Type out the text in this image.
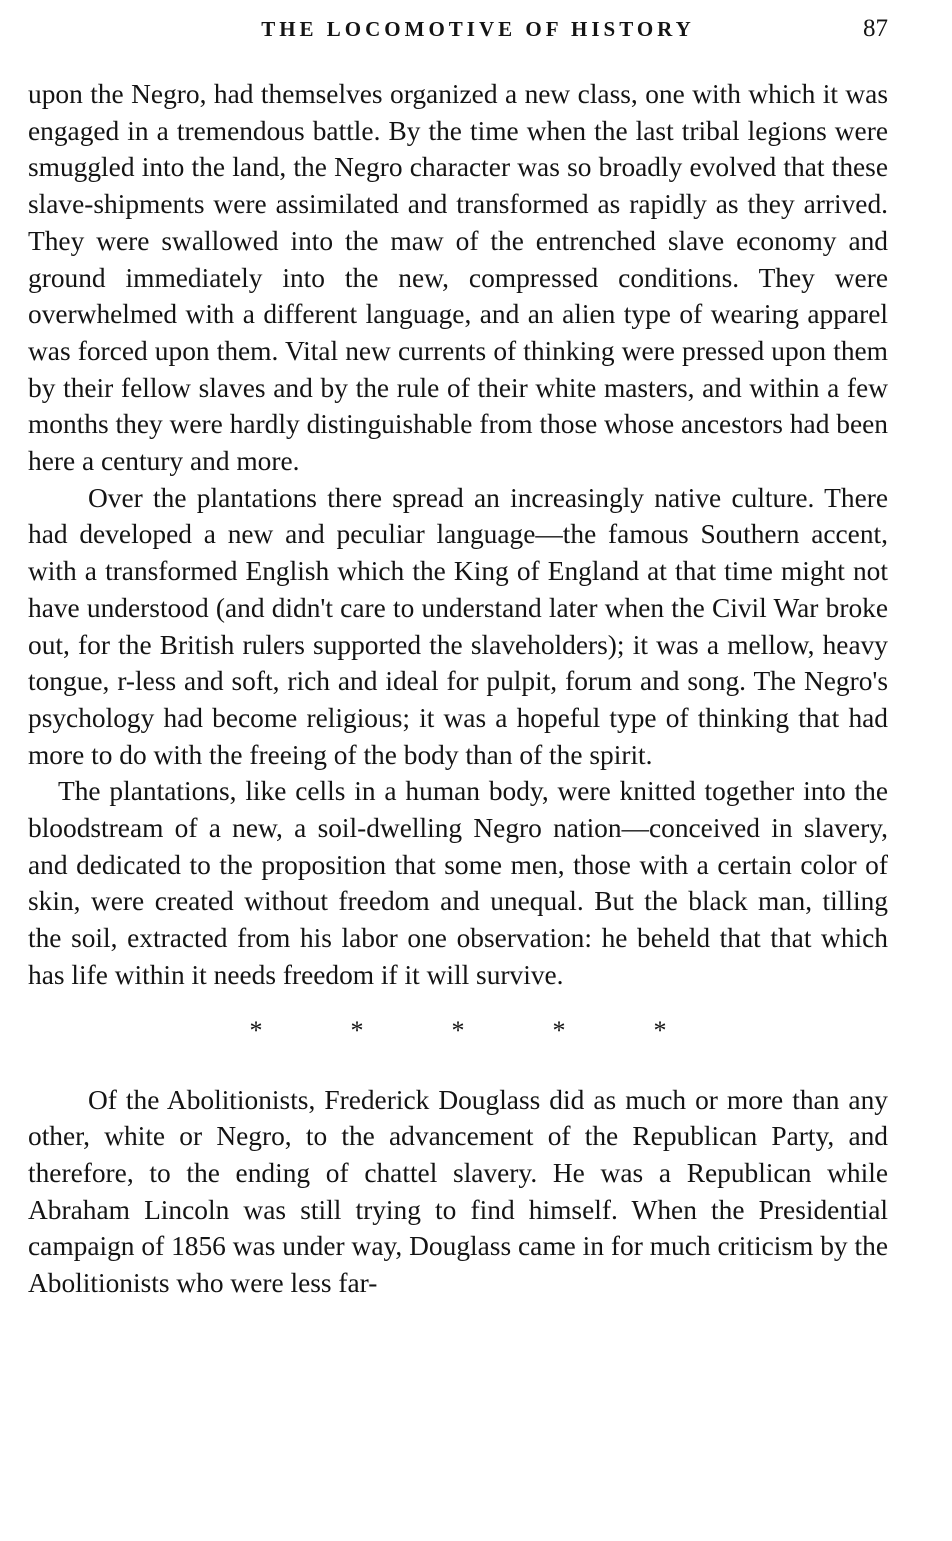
THE LOCOMOTIVE OF HISTORY	87

upon the Negro, had themselves organized a new class, one with which it was engaged in a tremendous battle. By the time when the last tribal legions were smuggled into the land, the Negro character was so broadly evolved that these slave-shipments were assimilated and transformed as rapidly as they arrived. They were swallowed into the maw of the entrenched slave economy and ground immediately into the new, compressed conditions. They were overwhelmed with a different language, and an alien type of wearing apparel was forced upon them. Vital new currents of thinking were pressed upon them by their fellow slaves and by the rule of their white masters, and within a few months they were hardly distinguishable from those whose ancestors had been here a century and more.

Over the plantations there spread an increasingly native culture. There had developed a new and peculiar language—the famous Southern accent, with a transformed English which the King of England at that time might not have understood (and didn't care to understand later when the Civil War broke out, for the British rulers supported the slaveholders); it was a mellow, heavy tongue, r-less and soft, rich and ideal for pulpit, forum and song. The Negro's psychology had become religious; it was a hopeful type of thinking that had more to do with the freeing of the body than of the spirit.

The plantations, like cells in a human body, were knitted together into the bloodstream of a new, a soil-dwelling Negro nation—conceived in slavery, and dedicated to the proposition that some men, those with a certain color of skin, were created without freedom and unequal. But the black man, tilling the soil, extracted from his labor one observation: he beheld that that which has life within it needs freedom if it will survive.

*	*	*	*	*

Of the Abolitionists, Frederick Douglass did as much or more than any other, white or Negro, to the advancement of the Republican Party, and therefore, to the ending of chattel slavery. He was a Republican while Abraham Lincoln was still trying to find himself. When the Presidential campaign of 1856 was under way, Douglass came in for much criticism by the Abolitionists who were less far-
